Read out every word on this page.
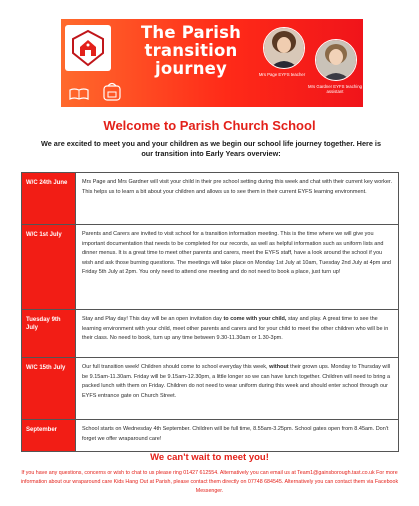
The Parish transition journey	Mrs Page EYFS teacher
Mrs Gardner EYFS teaching assistant
Welcome to Parish Church School
We are excited to meet you and your children as we begin our school life journey together. Here is our transition into Early Years overview:
W/C 24th June	Mrs Page and Mrs Gardner will visit your child in their pre school setting during this week and chat with their current key worker. This helps us to learn a bit about your children and allows us to see them in their current EYFS learning environment.
W/C 1st July	Parents and Carers are invited to visit school for a transition information meeting. This is the time where we will give you important documentation that needs to be completed for our records, as well as helpful information such as uniform lists and dinner menus. It is a great time to meet other parents and carers, meet the EYFS staff, have a look around the school if you wish and ask those burning questions. The meetings will take place on Monday 1st July at 10am, Tuesday 2nd July at 4pm and Friday 5th July at 2pm. You only need to attend one meeting and do not need to book a place, just turn up!
Tuesday 9th July	Stay and Play day! This day will be an open invitation day to come with your child, stay and play. A great time to see the learning environment with your child, meet other parents and carers and for your child to meet the other children who will be in their class. No need to book, turn up any time between 9.30-11.30am or 1.30-3pm.
W/C 15th July	Our full transition week! Children should come to school everyday this week, without their grown ups. Monday to Thursday will be 9.15am-11.30am. Friday will be 9.15am-12.30pm, a little longer so we can have lunch together. Children will need to bring a packed lunch with them on Friday. Children do not need to wear uniform during this week and should enter school through our EYFS entrance gate on Church Street.
September	School starts on Wednesday 4th September. Children will be full time, 8.55am-3.25pm. School gates open from 8.45am. Don't forget we offer wraparound care!
We can't wait to meet you!
If you have any questions, concerns or wish to chat to us please ring 01427 612554. Alternatively you can email us at Team1@gainsborough.tast.co.uk For more information about our wraparound care Kids Hang Out at Parish, please contact them directly on 07748 684545. Alternatively you can contact them via Facebook Messenger.
